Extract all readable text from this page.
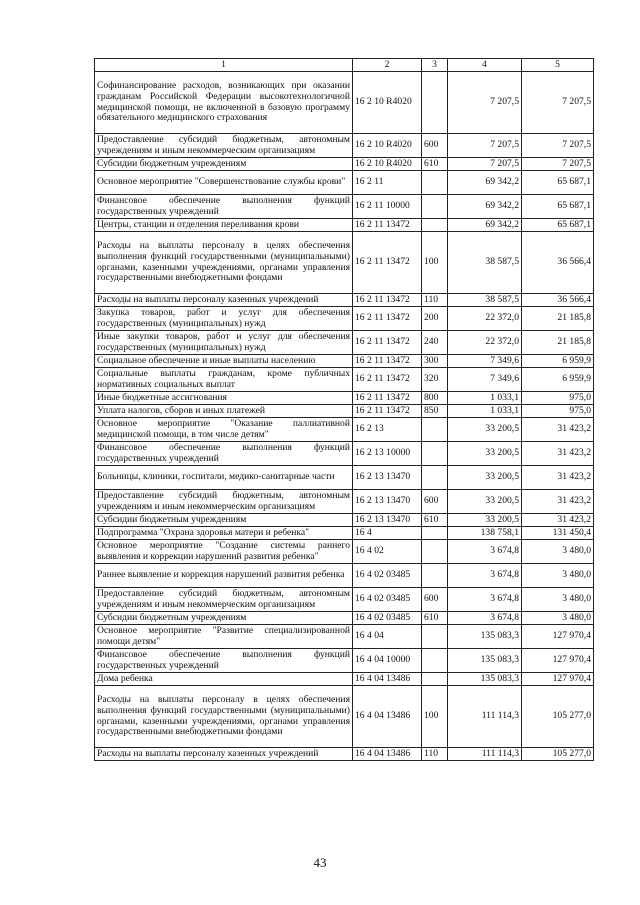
1	2	3	4	5
Софинансирование расходов, возникающих при оказании гражданам Российской Федерации высокотехнологичной медицинской помощи, не включенной в базовую программу обязательного медицинского страхования	16 2 10 R4020		7 207,5	7 207,5
Предоставление субсидий бюджетным, автономным учреждениям и иным некоммерческим организациям	16 2 10 R4020	600	7 207,5	7 207,5
Субсидии бюджетным учреждениям	16 2 10 R4020	610	7 207,5	7 207,5
Основное мероприятие "Совершенствование службы крови"	16 2 11		69 342,2	65 687,1
Финансовое обеспечение выполнения функций государственных учреждений	16 2 11 10000		69 342,2	65 687,1
Центры, станции и отделения переливания крови	16 2 11 13472		69 342,2	65 687,1
Расходы на выплаты персоналу в целях обеспечения выполнения функций государственными (муниципальными) органами, казенными учреждениями, органами управления государственными внебюджетными фондами	16 2 11 13472	100	38 587,5	36 566,4
Расходы на выплаты персоналу казенных учреждений	16 2 11 13472	110	38 587,5	36 566,4
Закупка товаров, работ и услуг для обеспечения государственных (муниципальных) нужд	16 2 11 13472	200	22 372,0	21 185,8
Иные закупки товаров, работ и услуг для обеспечения государственных (муниципальных) нужд	16 2 11 13472	240	22 372,0	21 185,8
Социальное обеспечение и иные выплаты населению	16 2 11 13472	300	7 349,6	6 959,9
Социальные выплаты гражданам, кроме публичных нормативных социальных выплат	16 2 11 13472	320	7 349,6	6 959,9
Иные бюджетные ассигнования	16 2 11 13472	800	1 033,1	975,0
Уплата налогов, сборов и иных платежей	16 2 11 13472	850	1 033,1	975,0
Основное мероприятие "Оказание паллиативной медицинской помощи, в том числе детям"	16 2 13		33 200,5	31 423,2
Финансовое обеспечение выполнения функций государственных учреждений	16 2 13 10000		33 200,5	31 423,2
Больницы, клиники, госпитали, медико-санитарные части	16 2 13 13470		33 200,5	31 423,2
Предоставление субсидий бюджетным, автономным учреждениям и иным некоммерческим организациям	16 2 13 13470	600	33 200,5	31 423,2
Субсидии бюджетным учреждениям	16 2 13 13470	610	33 200,5	31 423,2
Подпрограмма "Охрана здоровья матери и ребенка"	16 4		138 758,1	131 450,4
Основное мероприятие "Создание системы раннего выявления и коррекции нарушений развития ребенка"	16 4 02		3 674,8	3 480,0
Раннее выявление и коррекция нарушений развития ребенка	16 4 02 03485		3 674,8	3 480,0
Предоставление субсидий бюджетным, автономным учреждениям и иным некоммерческим организациям	16 4 02 03485	600	3 674,8	3 480,0
Субсидии бюджетным учреждениям	16 4 02 03485	610	3 674,8	3 480,0
Основное мероприятие "Развитие специализированной помощи детям"	16 4 04		135 083,3	127 970,4
Финансовое обеспечение выполнения функций государственных учреждений	16 4 04 10000		135 083,3	127 970,4
Дома ребенка	16 4 04 13486		135 083,3	127 970,4
Расходы на выплаты персоналу в целях обеспечения выполнения функций государственными (муниципальными) органами, казенными учреждениями, органами управления государственными внебюджетными фондами	16 4 04 13486	100	111 114,3	105 277,0
Расходы на выплаты персоналу казенных учреждений	16 4 04 13486	110	111 114,3	105 277,0
43
